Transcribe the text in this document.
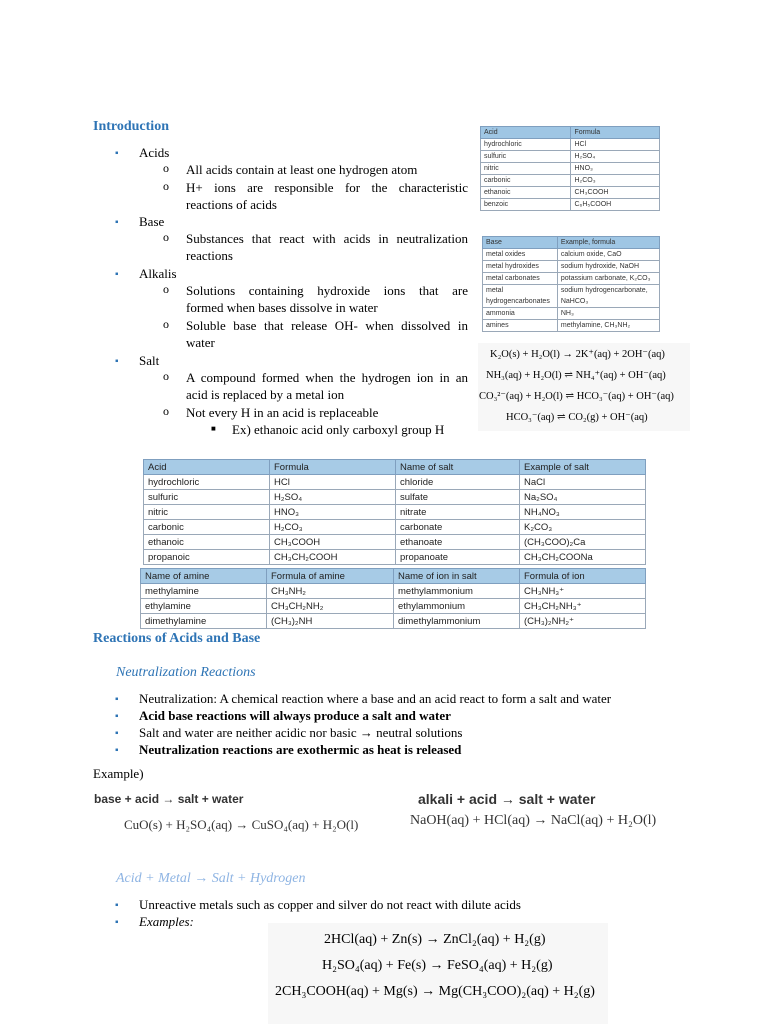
Introduction
▪ Acids
o All acids contain at least one hydrogen atom
o H+ ions are responsible for the characteristic
reactions of acids
▪ Base
o Substances that react with acids in neutralization
reactions
▪ Alkalis
o Solutions containing hydroxide ions that are
formed when bases dissolve in water
o Soluble base that release OH- when dissolved in
water
▪ Salt
o A compound formed when the hydrogen ion in an
acid is replaced by a metal ion
o Not every H in an acid is replaceable
■ Ex) ethanoic acid only carboxyl group H
Acid	Formula
hydrochloric	HCl
sulfuric	H₂SO₄
nitric	HNO₃
carbonic	H₂CO₃
ethanoic	CH₃COOH
benzoic	C₆H₅COOH
Base	Example, formula
metal oxides	calcium oxide, CaO
metal hydroxides	sodium hydroxide, NaOH
metal carbonates	potassium carbonate, K₂CO₃
metal	sodium hydrogencarbonate,
hydrogencarbonates	NaHCO₃
ammonia	NH₃
amines	methylamine, CH₃NH₂
K₂O(s) + H₂O(l) → 2K⁺(aq) + 2OH⁻(aq)
NH₃(aq) + H₂O(l) ⇌ NH₄⁺(aq) + OH⁻(aq)
CO₃²⁻(aq) + H₂O(l) ⇌ HCO₃⁻(aq) + OH⁻(aq)
HCO₃⁻(aq) ⇌ CO₂(g) + OH⁻(aq)
Acid	Formula	Name of salt	Example of salt
hydrochloric	HCl	chloride	NaCl
sulfuric	H₂SO₄	sulfate	Na₂SO₄
nitric	HNO₃	nitrate	NH₄NO₃
carbonic	H₂CO₃	carbonate	K₂CO₃
ethanoic	CH₃COOH	ethanoate	(CH₃COO)₂Ca
propanoic	CH₃CH₂COOH	propanoate	CH₃CH₂COONa
Name of amine	Formula of amine	Name of ion in salt	Formula of ion
methylamine	CH₃NH₂	methylammonium	CH₃NH₃⁺
ethylamine	CH₃CH₂NH₂	ethylammonium	CH₃CH₂NH₃⁺
dimethylamine	(CH₃)₂NH	dimethylammonium	(CH₃)₂NH₂⁺
Reactions of Acids and Base
Neutralization Reactions
▪ Neutralization: A chemical reaction where a base and an acid react to form a salt and water
▪ Acid base reactions will always produce a salt and water
▪ Salt and water are neither acidic nor basic → neutral solutions
▪ Neutralization reactions are exothermic as heat is released
Example)
base + acid → salt + water
CuO(s) + H₂SO₄(aq) → CuSO₄(aq) + H₂O(l)
alkali + acid → salt + water
NaOH(aq) + HCl(aq) → NaCl(aq) + H₂O(l)
Acid + Metal → Salt + Hydrogen
▪ Unreactive metals such as copper and silver do not react with dilute acids
▪ Examples:
2HCl(aq) + Zn(s) → ZnCl₂(aq) + H₂(g)
H₂SO₄(aq) + Fe(s) → FeSO₄(aq) + H₂(g)
2CH₃COOH(aq) + Mg(s) → Mg(CH₃COO)₂(aq) + H₂(g)
